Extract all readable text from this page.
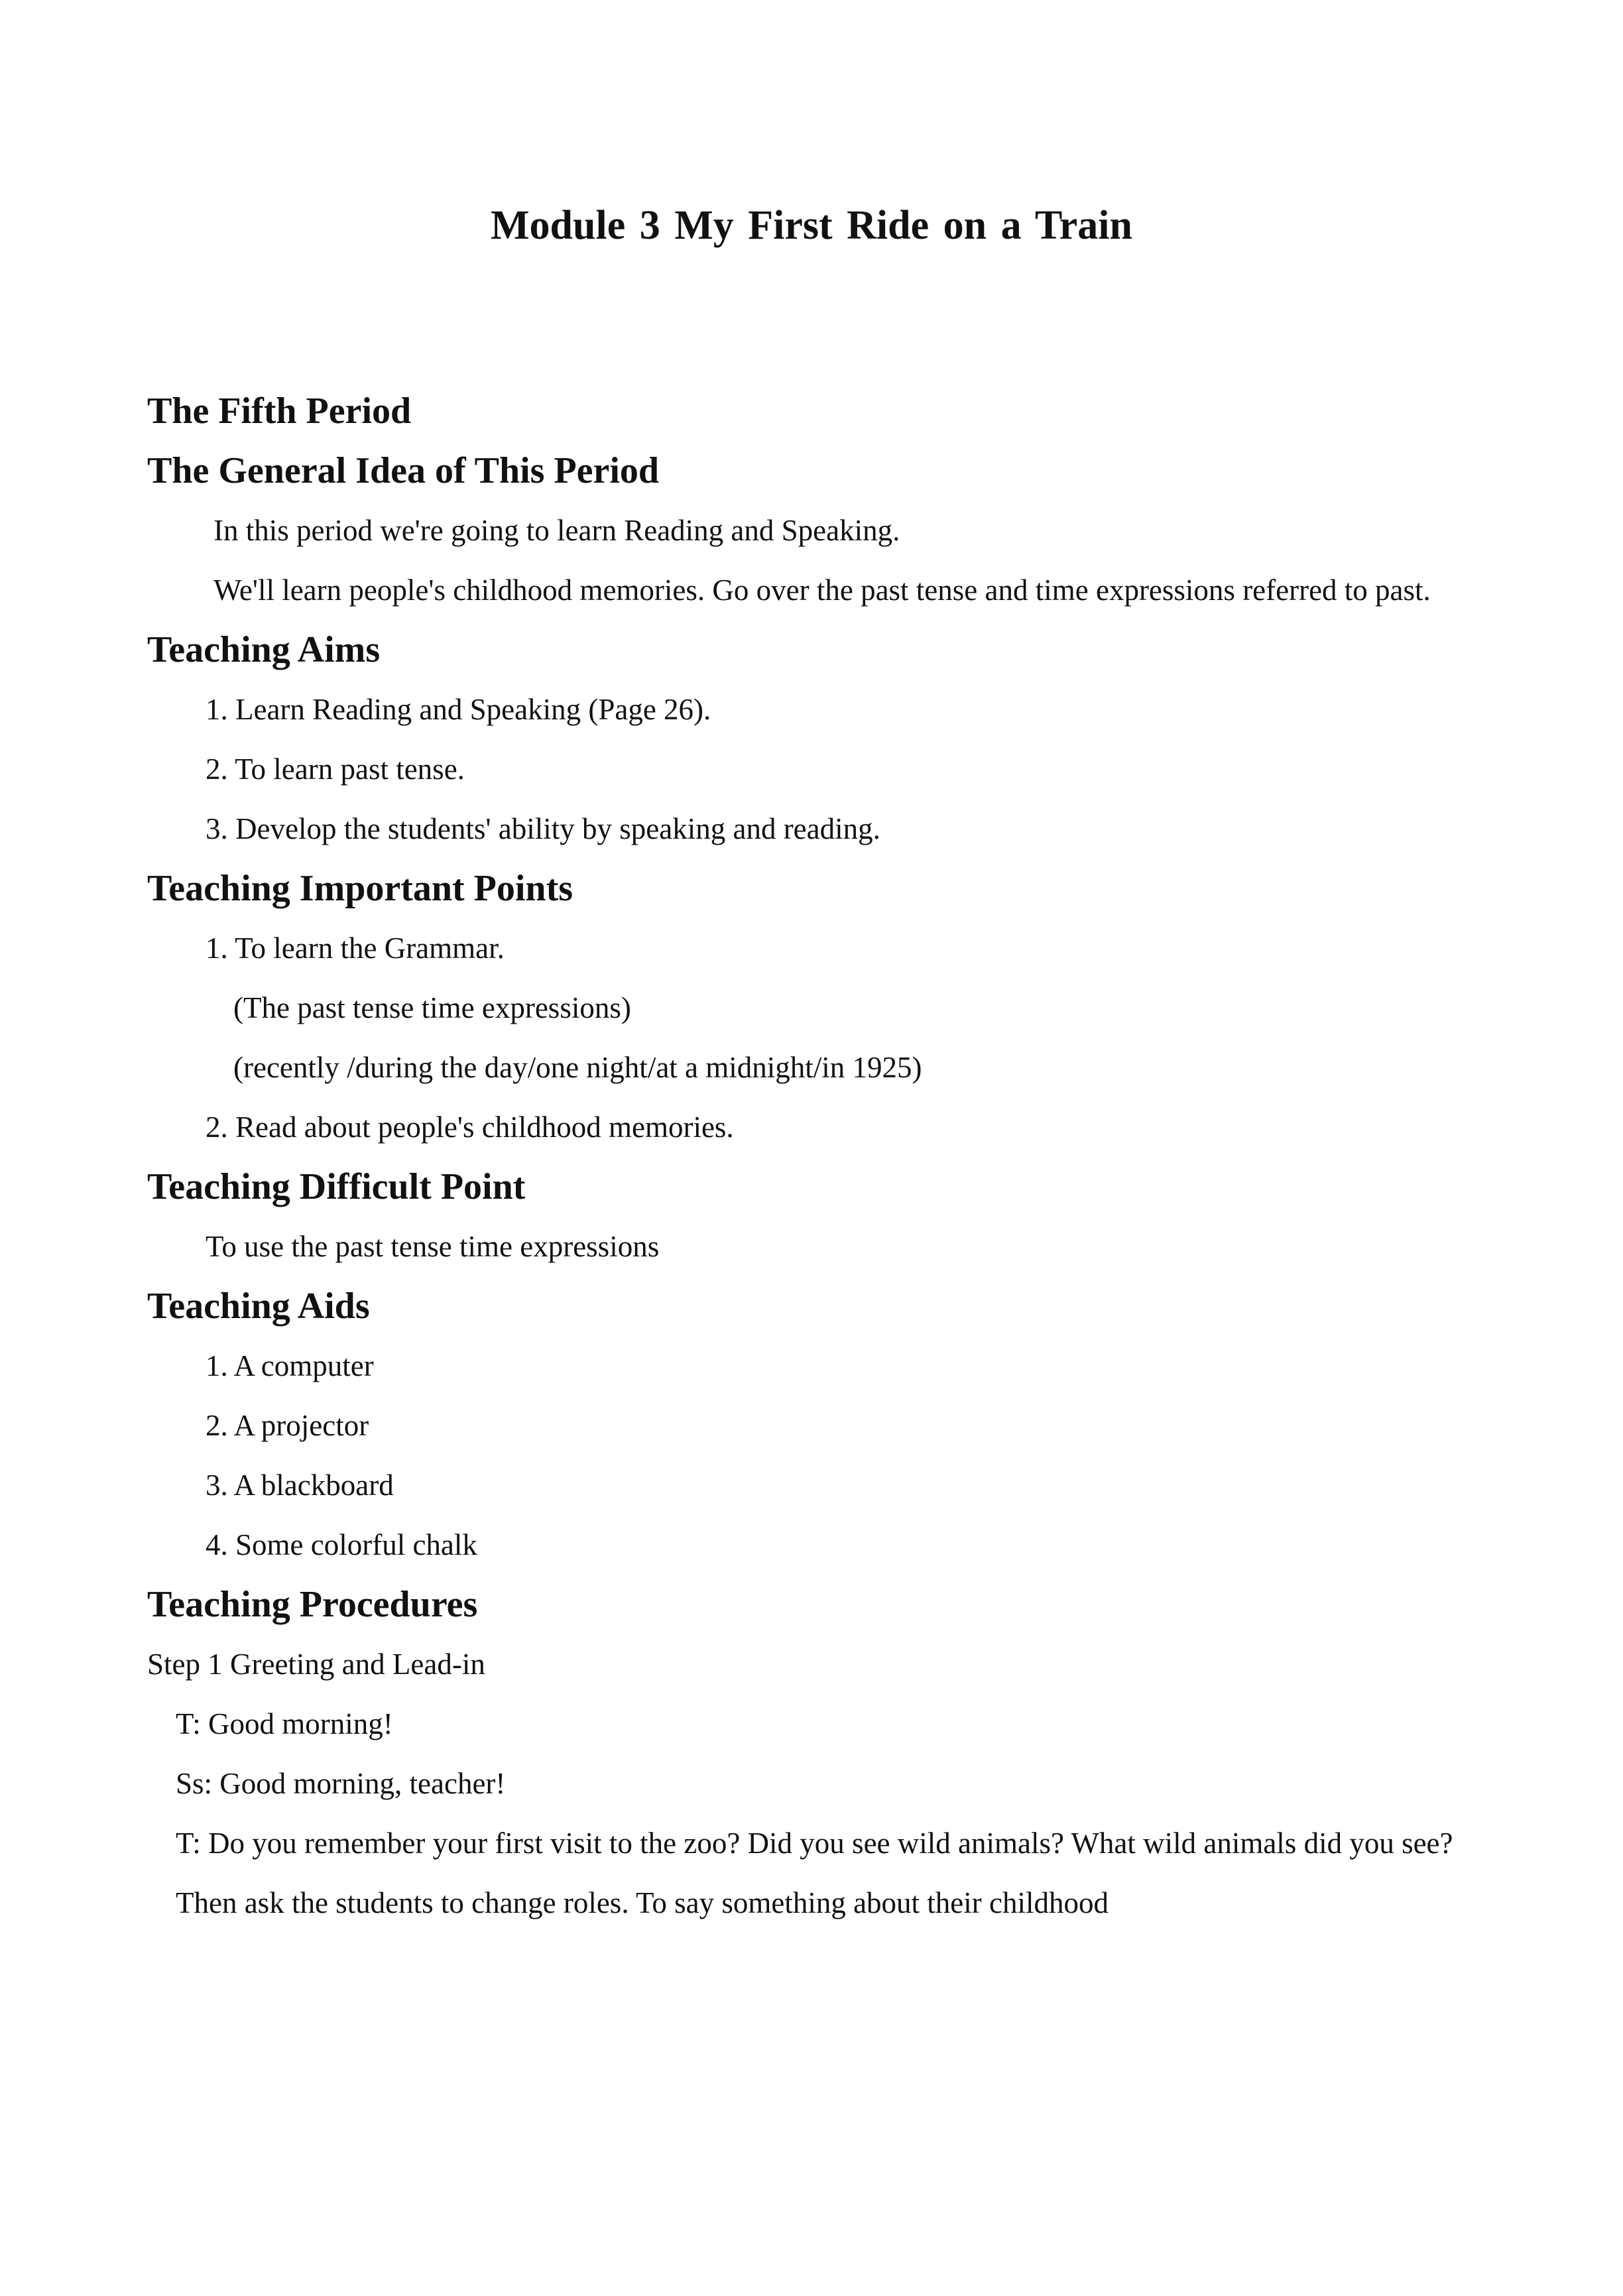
Module 3 My First Ride on a Train
The Fifth Period
The General Idea of This Period
In this period we're going to learn Reading and Speaking.
We'll learn people's childhood memories. Go over the past tense and time expressions referred to past.
Teaching Aims
1. Learn Reading and Speaking (Page 26).
2. To learn past tense.
3. Develop the students' ability by speaking and reading.
Teaching Important Points
1. To learn the Grammar.
(The past tense time expressions)
(recently /during the day/one night/at a midnight/in 1925)
2. Read about people's childhood memories.
Teaching Difficult Point
To use the past tense time expressions
Teaching Aids
1. A computer
2. A projector
3. A blackboard
4. Some colorful chalk
Teaching Procedures
Step 1 Greeting and Lead-in
T: Good morning!
Ss: Good morning, teacher!
T: Do you remember your first visit to the zoo? Did you see wild animals? What wild animals did you see?
Then ask the students to change roles. To say something about their childhood
